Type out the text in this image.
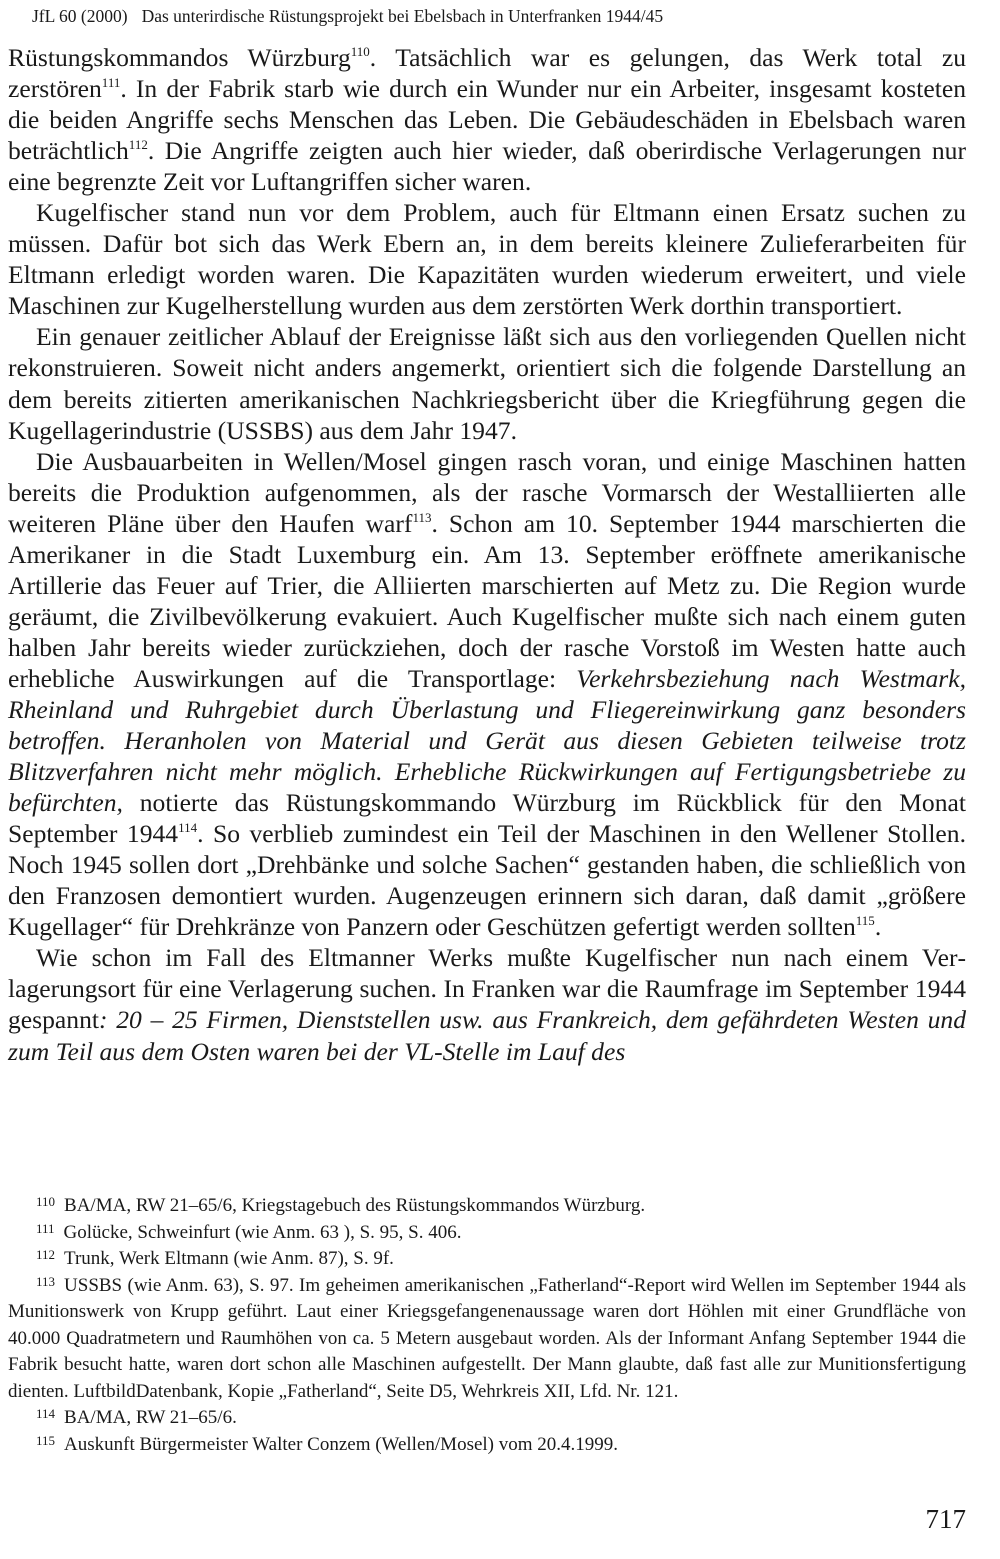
JfL 60 (2000) Das unterirdische Rüstungsprojekt bei Ebelsbach in Unterfranken 1944/45

Rüstungskommandos Würzburg$^{110}$. Tatsächlich war es gelungen, das Werk total zu zerstören$^{111}$. In der Fabrik starb wie durch ein Wunder nur ein Arbeiter, insgesamt kosteten die beiden Angriffe sechs Menschen das Leben. Die Gebäudeschäden in Ebelsbach waren beträchtlich$^{112}$. Die Angriffe zeigten auch hier wieder, daß oberirdische Verlagerungen nur eine begrenzte Zeit vor Luftangriffen sicher waren.

Kugelfischer stand nun vor dem Problem, auch für Eltmann einen Ersatz suchen zu müssen. Dafür bot sich das Werk Ebern an, in dem bereits kleinere Zulieferarbeiten für Eltmann erledigt worden waren. Die Kapazitäten wurden wiederum erweitert, und viele Maschinen zur Kugelherstellung wurden aus dem zerstörten Werk dorthin transportiert.

Ein genauer zeitlicher Ablauf der Ereignisse läßt sich aus den vorliegenden Quellen nicht rekonstruieren. Soweit nicht anders angemerkt, orientiert sich die folgende Darstellung an dem bereits zitierten amerikanischen Nachkriegsbericht über die Kriegführung gegen die Kugellagerindustrie (USSBS) aus dem Jahr 1947.

Die Ausbauarbeiten in Wellen/Mosel gingen rasch voran, und einige Maschinen hatten bereits die Produktion aufgenommen, als der rasche Vormarsch der Westalliierten alle weiteren Pläne über den Haufen warf$^{113}$. Schon am 10. September 1944 marschierten die Amerikaner in die Stadt Luxemburg ein. Am 13. September eröffnete amerikanische Artillerie das Feuer auf Trier, die Alliierten marschierten auf Metz zu. Die Region wurde geräumt, die Zivilbevölkerung evakuiert. Auch Kugelfischer mußte sich nach einem guten halben Jahr bereits wieder zurückziehen, doch der rasche Vorstoß im Westen hatte auch erhebliche Auswirkungen auf die Transportlage: Verkehrsbeziehung nach Westmark, Rheinland und Ruhrgebiet durch Überlastung und Fliegereinwirkung ganz besonders betroffen. Heranholen von Material und Gerät aus diesen Gebieten teilweise trotz Blitzverfahren nicht mehr möglich. Erhebliche Rückwirkungen auf Fertigungsbetriebe zu befürchten, notierte das Rüstungskommando Würzburg im Rückblick für den Monat September 1944$^{114}$. So verblieb zumindest ein Teil der Maschinen in den Wellener Stollen. Noch 1945 sollen dort „Drehbänke und solche Sachen“ gestanden haben, die schließlich von den Franzosen demontiert wurden. Augenzeugen erinnern sich daran, daß damit „größere Kugellager“ für Drehkränze von Panzern oder Geschützen gefertigt werden sollten$^{115}$.

Wie schon im Fall des Eltmanner Werks mußte Kugelfischer nun nach einem Verlagerungsort für eine Verlagerung suchen. In Franken war die Raumfrage im September 1944 gespannt: 20 – 25 Firmen, Dienststellen usw. aus Frankreich, dem gefährdeten Westen und zum Teil aus dem Osten waren bei der VL-Stelle im Lauf des

$^{110}$ BA/MA, RW 21–65/6, Kriegstagebuch des Rüstungskommandos Würzburg.

$^{111}$ Golücke, Schweinfurt (wie Anm. 63 ), S. 95, S. 406.

$^{112}$ Trunk, Werk Eltmann (wie Anm. 87), S. 9f.

$^{113}$ USSBS (wie Anm. 63), S. 97. Im geheimen amerikanischen „Fatherland“-Report wird Wellen im September 1944 als Munitionswerk von Krupp geführt. Laut einer Kriegsgefangenenaussage waren dort Höhlen mit einer Grundfläche von 40.000 Quadratmetern und Raumhöhen von ca. 5 Metern ausgebaut worden. Als der Informant Anfang September 1944 die Fabrik besucht hatte, waren dort schon alle Maschinen aufgestellt. Der Mann glaubte, daß fast alle zur Munitionsfertigung dienten. LuftbildDatenbank, Kopie „Fatherland“, Seite D5, Wehrkreis XII, Lfd. Nr. 121.

$^{114}$ BA/MA, RW 21–65/6.

$^{115}$ Auskunft Bürgermeister Walter Conzem (Wellen/Mosel) vom 20.4.1999.

717
